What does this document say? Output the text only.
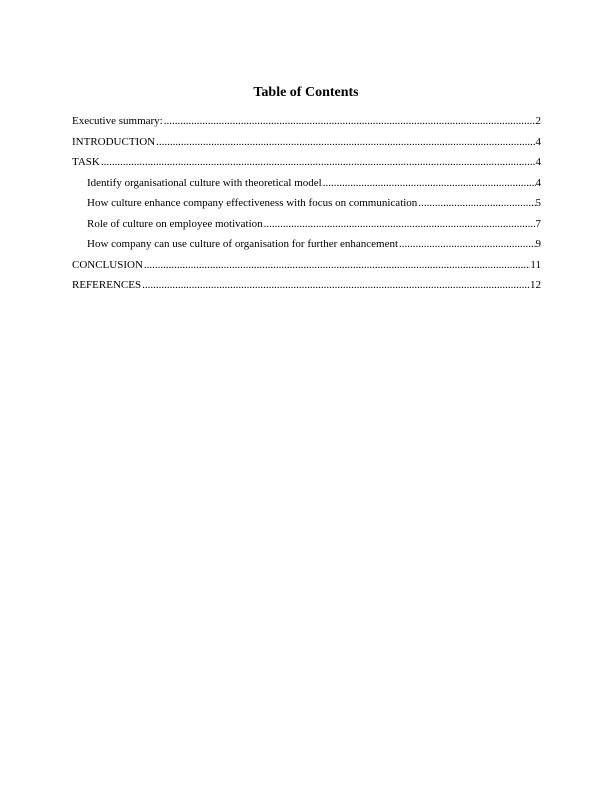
Table of Contents
Executive summary: .....	2
INTRODUCTION .....	4
TASK .....	4
Identify organisational culture with theoretical model .....	4
How culture enhance company effectiveness with focus on communication .....	5
Role of culture on employee motivation .....	7
How company can use culture of organisation for further enhancement .....	9
CONCLUSION .....	11
REFERENCES .....	12
